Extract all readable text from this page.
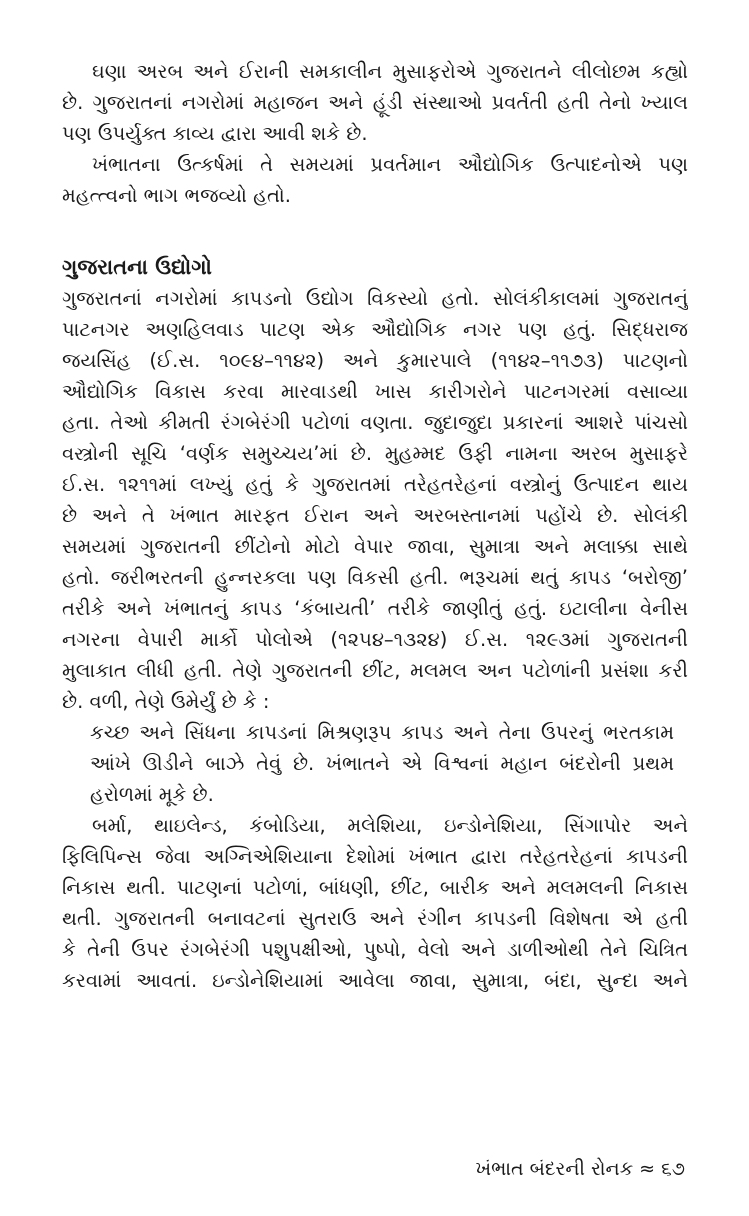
ઘણા અરબ અને ઈરાની સમકાલીન મુસાફરોએ ગુજરાતને લીલોછમ કહ્યો
છે. ગુજરાતનાં નગરોમાં મહાજન અને હૂંડી સંસ્થાઓ પ્રવર્તતી હતી તેનો ખ્યાલ
પણ ઉપર્યુક્ત કાવ્ય દ્વારા આવી શકે છે.
ખંભાતના ઉત્કર્ષમાં તે સમયમાં પ્રવર્તમાન ઔદ્યોગિક ઉત્પાદનોએ પણ
મહત્ત્વનો ભાગ ભજવ્યો હતો.
ગુજરાતના ઉદ્યોગો
ગુજરાતનાં નગરોમાં કાપડનો ઉદ્યોગ વિકસ્યો હતો. સોલંકીકાલમાં ગુજરાતનું
પાટનગર અણહિલવાડ પાટણ એક ઔદ્યોગિક નગર પણ હતું. સિદ્ધરાજ
જયસિંહ (ઈ.સ. ૧૦૯૪–૧૧૪૨) અને કુમારપાલે (૧૧૪૨–૧૧૭૩) પાટણનો
ઔદ્યોગિક વિકાસ કરવા મારવાડથી ખાસ કારીગરોને પાટનગરમાં વસાવ્યા
હતા. તેઓ કીમતી રંગબેરંગી પટોળાં વણતા. જુદાજુદા પ્રકારનાં આશરે પાંચસો
વસ્ત્રોની સૂચિ ‘વર્ણક સમુચ્ચય’માં છે. મુહમ્મદ ઉફી નામના અરબ મુસાફરે
ઈ.સ. ૧૨૧૧માં લખ્યું હતું કે ગુજરાતમાં તરેહતરેહનાં વસ્ત્રોનું ઉત્પાદન થાય
છે અને તે ખંભાત મારફત ઈરાન અને અરબસ્તાનમાં પહોંચે છે. સોલંકી
સમયમાં ગુજરાતની છીંટોનો મોટો વેપાર જાવા, સુમાત્રા અને મલાક્કા સાથે
હતો. જરીભરતની હુન્નરકલા પણ વિકસી હતી. ભરૂચમાં થતું કાપડ ‘બરોજી’
તરીકે અને ખંભાતનું કાપડ ‘કંબાયતી’ તરીકે જાણીતું હતું. ઇટાલીના વેનીસ
નગરના વેપારી માર્કો પોલોએ (૧૨૫૪–૧૩૨૪) ઈ.સ. ૧૨૯૩માં ગુજરાતની
મુલાકાત લીધી હતી. તેણે ગુજરાતની છીંટ, મલમલ અન પટોળાંની પ્રસંશા કરી
છે. વળી, તેણે ઉમેર્યું છે કે :
કચ્છ અને સિંધના કાપડનાં મિશ્રણરૂપ કાપડ અને તેના ઉપરનું ભરતકામ
આંખે ઊડીને બાઝે તેવું છે. ખંભાતને એ વિશ્વનાં મહાન બંદરોની પ્રથમ
હરોળમાં મૂકે છે.
બર્મા, થાઇલેન્ડ, કંબોડિયા, મલેશિયા, ઇન્ડોનેશિયા, સિંગાપોર અને
ફિલિપિન્સ જેવા અગ્નિએશિયાના દેશોમાં ખંભાત દ્વારા તરેહતરેહનાં કાપડની
નિકાસ થતી. પાટણનાં પટોળાં, બાંધણી, છીંટ, બારીક અને મલમલની નિકાસ
થતી. ગુજરાતની બનાવટનાં સુતરાઉ અને રંગીન કાપડની વિશેષતા એ હતી
કે તેની ઉપર રંગબેરંગી પશુપક્ષીઓ, પુષ્પો, વેલો અને ડાળીઓથી તેને ચિત્રિત
કરવામાં આવતાં. ઇન્ડોનેશિયામાં આવેલા જાવા, સુમાત્રા, બંદા, સુન્દા અને
ખંભાત બંદરની રોનક ≈ ૬૭
